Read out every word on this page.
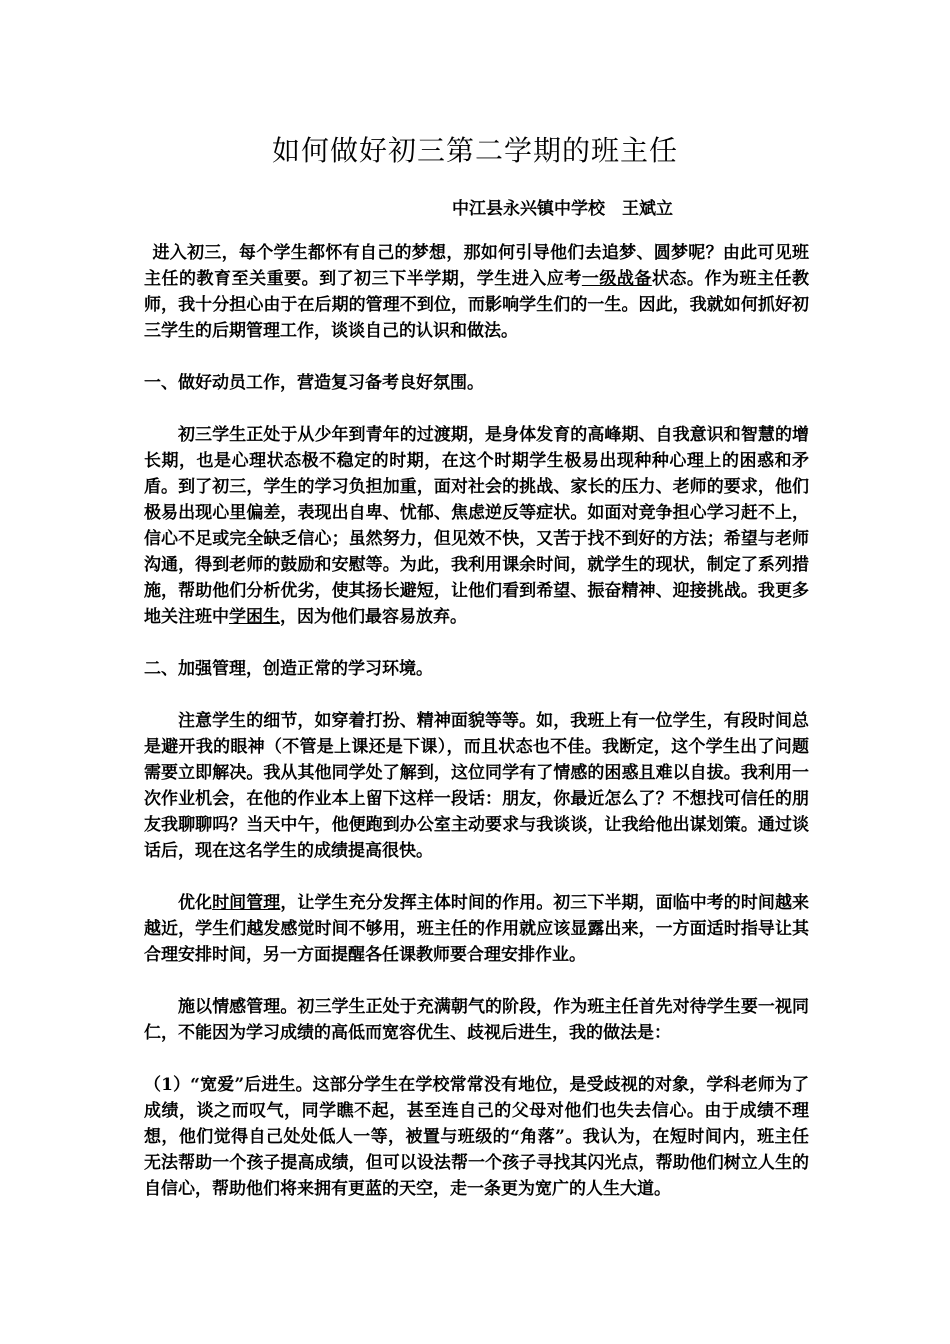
如何做好初三第二学期的班主任
中江县永兴镇中学校　王斌立

进入初三，每个学生都怀有自己的梦想，那如何引导他们去追梦、圆梦呢？由此可见班主任的教育至关重要。到了初三下半学期，学生进入应考一级战备状态。作为班主任教师，我十分担心由于在后期的管理不到位，而影响学生们的一生。因此，我就如何抓好初三学生的后期管理工作，谈谈自己的认识和做法。

一、做好动员工作，营造复习备考良好氛围。

初三学生正处于从少年到青年的过渡期，是身体发育的高峰期、自我意识和智慧的增长期，也是心理状态极不稳定的时期，在这个时期学生极易出现种种心理上的困惑和矛盾。到了初三，学生的学习负担加重，面对社会的挑战、家长的压力、老师的要求，他们极易出现心里偏差，表现出自卑、忧郁、焦虑逆反等症状。如面对竞争担心学习赶不上，信心不足或完全缺乏信心；虽然努力，但见效不快，又苦于找不到好的方法；希望与老师沟通，得到老师的鼓励和安慰等。为此，我利用课余时间，就学生的现状，制定了系列措施，帮助他们分析优劣，使其扬长避短，让他们看到希望、振奋精神、迎接挑战。我更多地关注班中学困生，因为他们最容易放弃。

二、加强管理，创造正常的学习环境。

注意学生的细节，如穿着打扮、精神面貌等等。如，我班上有一位学生，有段时间总是避开我的眼神（不管是上课还是下课），而且状态也不佳。我断定，这个学生出了问题需要立即解决。我从其他同学处了解到，这位同学有了情感的困惑且难以自拔。我利用一次作业机会，在他的作业本上留下这样一段话：朋友，你最近怎么了？不想找可信任的朋友我聊聊吗？当天中午，他便跑到办公室主动要求与我谈谈，让我给他出谋划策。通过谈话后，现在这名学生的成绩提高很快。

优化时间管理，让学生充分发挥主体时间的作用。初三下半期，面临中考的时间越来越近，学生们越发感觉时间不够用，班主任的作用就应该显露出来，一方面适时指导让其合理安排时间，另一方面提醒各任课教师要合理安排作业。

施以情感管理。初三学生正处于充满朝气的阶段，作为班主任首先对待学生要一视同仁，不能因为学习成绩的高低而宽容优生、歧视后进生，我的做法是：

（1）“宽爱”后进生。这部分学生在学校常常没有地位，是受歧视的对象，学科老师为了成绩，谈之而叹气，同学瞧不起，甚至连自己的父母对他们也失去信心。由于成绩不理想，他们觉得自己处处低人一等，被置与班级的“角落”。我认为，在短时间内，班主任无法帮助一个孩子提高成绩，但可以设法帮一个孩子寻找其闪光点，帮助他们树立人生的自信心，帮助他们将来拥有更蓝的天空，走一条更为宽广的人生大道。
